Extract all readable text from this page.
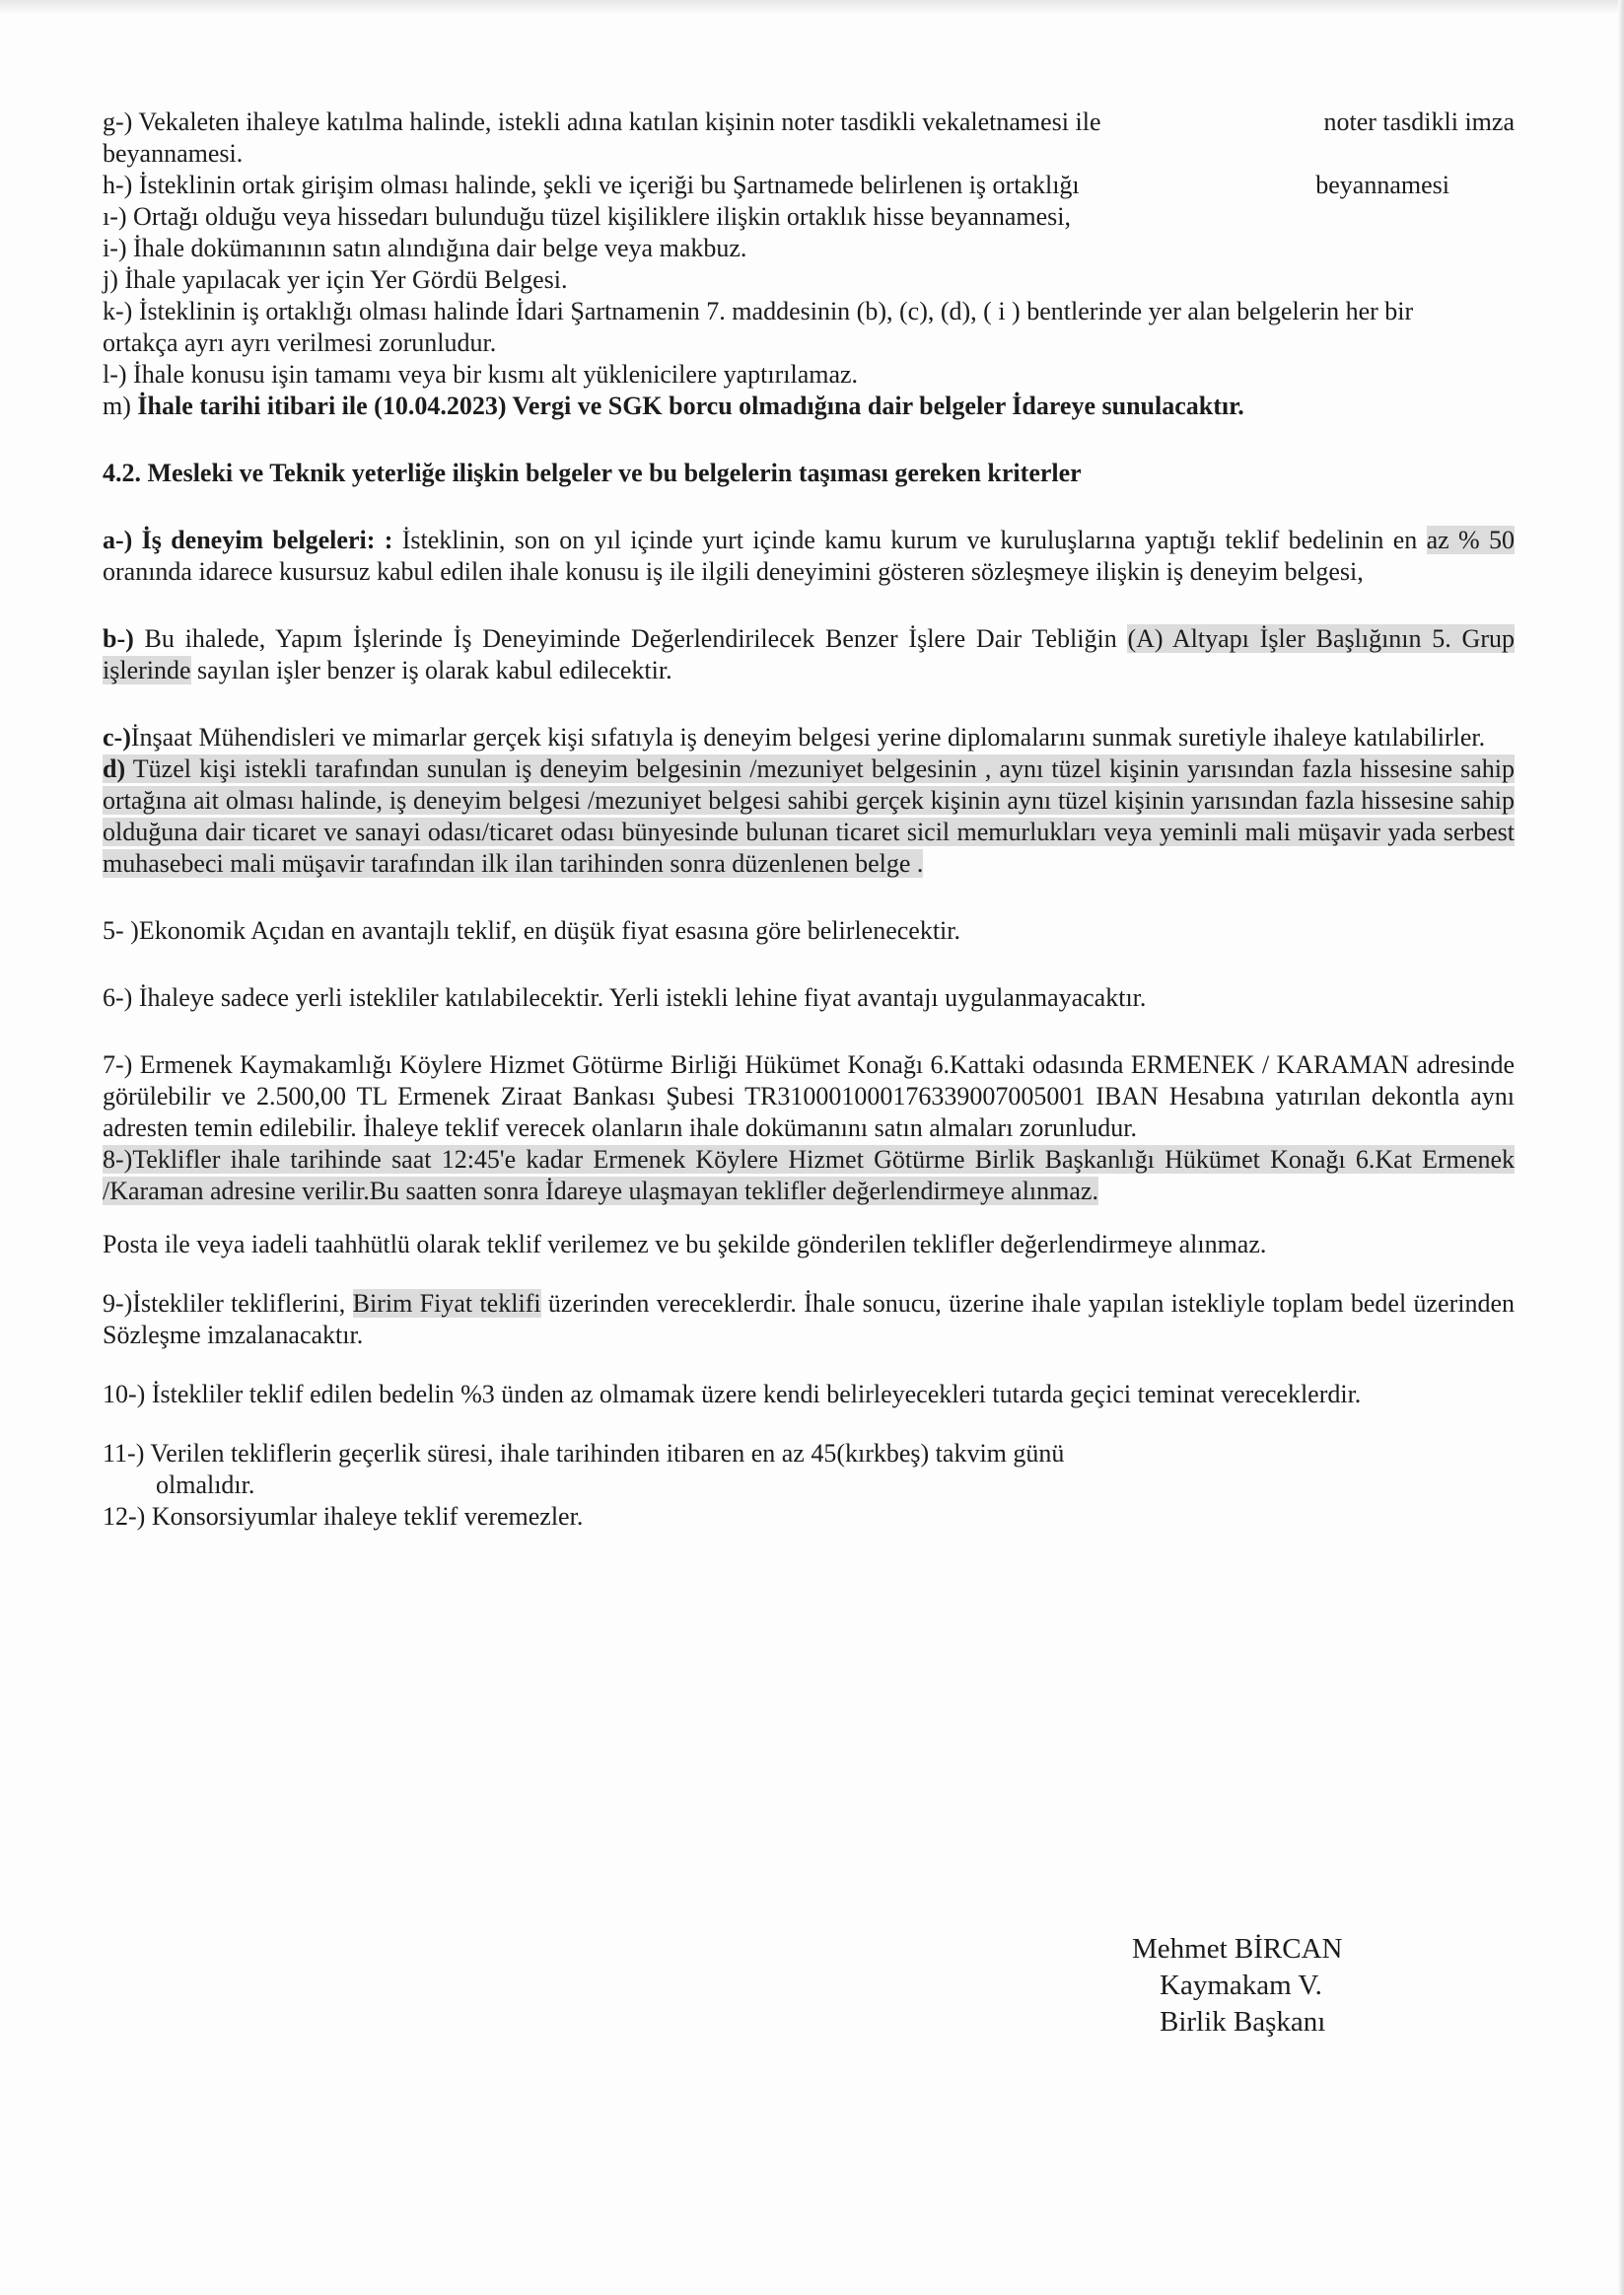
g-) Vekaleten ihaleye katılma halinde, istekli adına katılan kişinin noter tasdikli vekaletnamesi ile	noter tasdikli imza

beyannamesi.

h-) İsteklinin ortak girişim olması halinde, şekli ve içeriği bu Şartnamede belirlenen iş ortaklığı	beyannamesi

ı-) Ortağı olduğu veya hissedarı bulunduğu tüzel kişiliklere ilişkin ortaklık hisse beyannamesi,

i-) İhale dokümanının satın alındığına dair belge veya makbuz.

j) İhale yapılacak yer için Yer Gördü Belgesi.

k-) İsteklinin iş ortaklığı olması halinde İdari Şartnamenin 7. maddesinin (b), (c), (d), ( i ) bentlerinde yer alan belgelerin her bir ortakça ayrı ayrı verilmesi zorunludur.

l-) İhale konusu işin tamamı veya bir kısmı alt yüklenicilere yaptırılamaz.

m) İhale tarihi itibari ile (10.04.2023) Vergi ve SGK borcu olmadığına dair belgeler İdareye sunulacaktır.

4.2. Mesleki ve Teknik yeterliğe ilişkin belgeler ve bu belgelerin taşıması gereken kriterler

a-) İş deneyim belgeleri: : İsteklinin, son on yıl içinde yurt içinde kamu kurum ve kuruluşlarına yaptığı teklif bedelinin en az % 50 oranında idarece kusursuz kabul edilen ihale konusu iş ile ilgili deneyimini gösteren sözleşmeye ilişkin iş deneyim belgesi,

b-) Bu ihalede, Yapım İşlerinde İş Deneyiminde Değerlendirilecek Benzer İşlere Dair Tebliğin (A) Altyapı İşler Başlığının 5. Grup işlerinde sayılan işler benzer iş olarak kabul edilecektir.

c-)İnşaat Mühendisleri ve mimarlar gerçek kişi sıfatıyla iş deneyim belgesi yerine diplomalarını sunmak suretiyle ihaleye katılabilirler.

d) Tüzel kişi istekli tarafından sunulan iş deneyim belgesinin /mezuniyet belgesinin , aynı tüzel kişinin yarısından fazla hissesine sahip ortağına ait olması halinde, iş deneyim belgesi /mezuniyet belgesi sahibi gerçek kişinin aynı tüzel kişinin yarısından fazla hissesine sahip olduğuna dair ticaret ve sanayi odası/ticaret odası bünyesinde bulunan ticaret sicil memurlukları veya yeminli mali müşavir yada serbest muhasebeci mali müşavir tarafından ilk ilan tarihinden sonra düzenlenen belge .

5- )Ekonomik Açıdan en avantajlı teklif, en düşük fiyat esasına göre belirlenecektir.

6-) İhaleye sadece yerli istekliler katılabilecektir. Yerli istekli lehine fiyat avantajı uygulanmayacaktır.

7-) Ermenek Kaymakamlığı Köylere Hizmet Götürme Birliği Hükümet Konağı 6.Kattaki odasında ERMENEK / KARAMAN adresinde görülebilir ve 2.500,00 TL Ermenek Ziraat Bankası Şubesi TR310001000176339007005001 IBAN Hesabına yatırılan dekontla aynı adresten temin edilebilir. İhaleye teklif verecek olanların ihale dokümanını satın almaları zorunludur.

8-)Teklifler ihale tarihinde saat 12:45'e kadar Ermenek Köylere Hizmet Götürme Birlik Başkanlığı Hükümet Konağı 6.Kat Ermenek /Karaman adresine verilir.Bu saatten sonra İdareye ulaşmayan teklifler değerlendirmeye alınmaz.

Posta ile veya iadeli taahhütlü olarak teklif verilemez ve bu şekilde gönderilen teklifler değerlendirmeye alınmaz.

9-)İstekliler tekliflerini, Birim Fiyat teklifi üzerinden vereceklerdir. İhale sonucu, üzerine ihale yapılan istekliyle toplam bedel üzerinden Sözleşme imzalanacaktır.

10-) İstekliler teklif edilen bedelin %3 ünden az olmamak üzere kendi belirleyecekleri tutarda geçici teminat vereceklerdir.

11-) Verilen tekliflerin geçerlik süresi, ihale tarihinden itibaren en az 45(kırkbeş) takvim günü

olmalıdır.

12-) Konsorsiyumlar ihaleye teklif veremezler.

Mehmet BİRCAN
Kaymakam V.
Birlik Başkanı
